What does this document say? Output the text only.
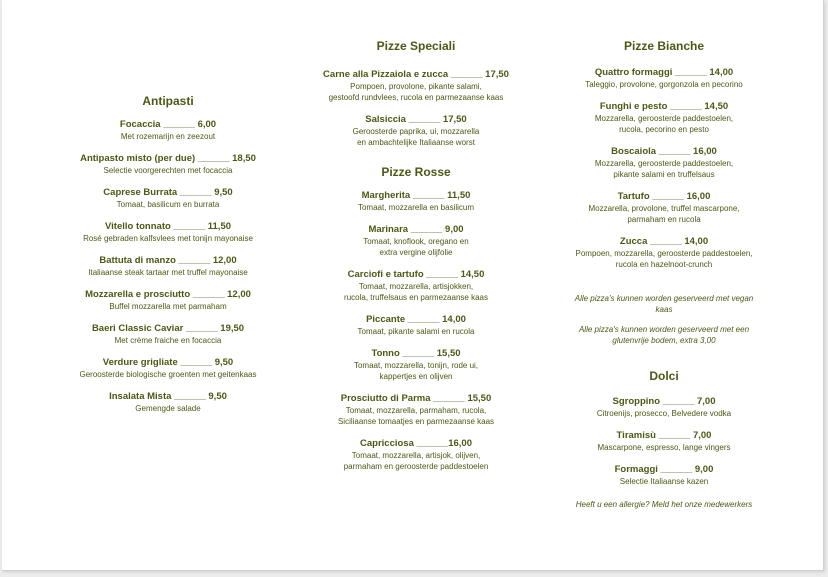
Antipasti
Focaccia ______ 6,00
Met rozemarijn en zeezout
Antipasto misto (per due) ______ 18,50
Selectie voorgerechten met focaccia
Caprese Burrata ______ 9,50
Tomaat, basilicum en burrata
Vitello tonnato ______ 11,50
Rosé gebraden kalfsvlees met tonijn mayonaise
Battuta di manzo ______ 12,00
Italiaanse steak tartaar met truffel mayonaise
Mozzarella e prosciutto ______ 12,00
Buffel mozzarella met parmaham
Baeri Classic Caviar ______ 19,50
Met crème fraiche en focaccia
Verdure grigliate ______ 9,50
Geroosterde biologische groenten met geitenkaas
Insalata Mista ______ 9,50
Gemengde salade
Pizze Speciali
Carne alla Pizzaiola e zucca ______ 17,50
Pompoen, provolone, pikante salami,
gestoofd rundvlees, rucola en parmezaanse kaas
Salsiccia ______ 17,50
Geroosterde paprika, ui, mozzarella
en ambachtelijke Italiaanse worst
Pizze Rosse
Margherita ______ 11,50
Tomaat, mozzarella en basilicum
Marinara ______ 9,00
Tomaat, knoflook, oregano en
extra vergine olijfolie
Carciofi e tartufo ______ 14,50
Tomaat, mozzarella, artisjokken,
rucola, truffelsaus en parmezaanse kaas
Piccante ______ 14,00
Tomaat, pikante salami en rucola
Tonno ______ 15,50
Tomaat, mozzarella, tonijn, rode ui,
kappertjes en olijven
Prosciutto di Parma ______ 15,50
Tomaat, mozzarella, parmaham, rucola,
Siciliaanse tomaatjes en parmezaanse kaas
Capricciosa ______16,00
Tomaat, mozzarella, artisjok, olijven,
parmaham en geroosterde paddestoelen
Pizze Bianche
Quattro formaggi ______ 14,00
Taleggio, provolone, gorgonzola en pecorino
Funghi e pesto ______ 14,50
Mozzarella, geroosterde paddestoelen,
rucola, pecorino en pesto
Boscaiola ______ 16,00
Mozzarella, geroosterde paddestoelen,
pikante salami en truffelsaus
Tartufo ______ 16,00
Mozzarella, provolone, truffel mascarpone,
parmaham en rucola
Zucca ______ 14,00
Pompoen, mozzarella, geroosterde paddestoelen,
rucola en hazelnoot-crunch
Alle pizza's kunnen worden geserveerd met vegan
kaas
Alle pizza's kunnen worden geserveerd met een
glutenvrije bodem, extra 3,00
Dolci
Sgroppino ______ 7,00
Citroenijs, prosecco, Belvedere vodka
Tiramisù ______ 7,00
Mascarpone, espresso, lange vingers
Formaggi ______ 9,00
Selectie Italiaanse kazen
Heeft u een allergie? Meld het onze medewerkers
